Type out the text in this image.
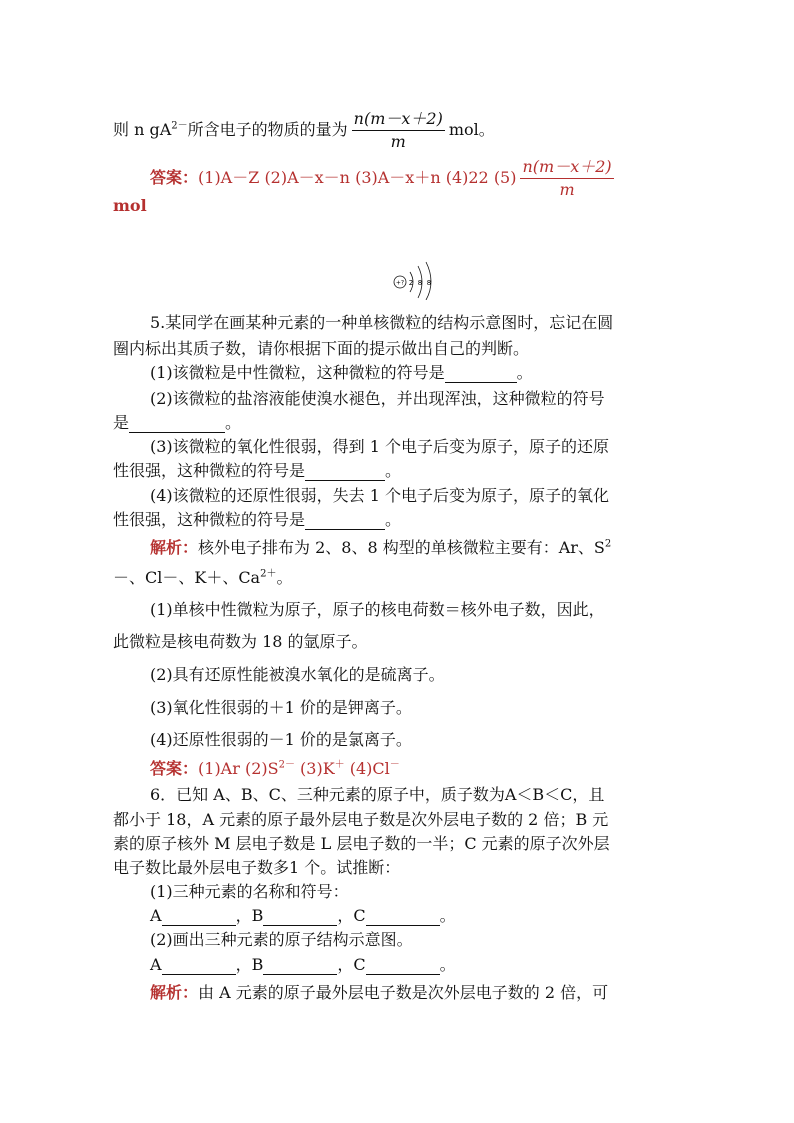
则 n $gA^{2-}$所含电子的物质的量为 $\frac{n(m-x+2)}{m}$ mol。
答案：(1)A－Z (2)A－x－n (3)A－x＋n (4)22 $(5) \frac{n(m-x+2)}{m}$
mol
+? 2 8 8
5.某同学在画某种元素的一种单核微粒的结构示意图时，忘记在圆
圈内标出其质子数，请你根据下面的提示做出自己的判断。
(1)该微粒是中性微粒，这种微粒的符号是	。
(2)该微粒的盐溶液能使溴水褪色，并出现浑浊，这种微粒的符号
是	。
(3)该微粒的氧化性很弱，得到 1 个电子后变为原子，原子的还原
性很强，这种微粒的符号是	。
(4)该微粒的还原性很弱，失去 1 个电子后变为原子，原子的氧化
性很强，这种微粒的符号是	。
解析：核外电子排布为 2、8、8 构型的单核微粒主要有：Ar、$S^2$
－、Cl－、K＋、$Ca^{2+}$。
(1)单核中性微粒为原子，原子的核电荷数＝核外电子数，因此，
此微粒是核电荷数为 18 的氩原子。
(2)具有还原性能被溴水氧化的是硫离子。
(3)氧化性很弱的＋1 价的是钾离子。
(4)还原性很弱的－1 价的是氯离子。
答案：(1)Ar $(2)S^{2-}$ (3)K＋ (4)Cl－
6．已知 A、B、C、三种元素的原子中，质子数为A＜B＜C，且
都小于 18，A 元素的原子最外层电子数是次外层电子数的 2 倍；B 元
素的原子核外 M 层电子数是 L 层电子数的一半；C 元素的原子次外层
电子数比最外层电子数多1 个。试推断：
(1)三种元素的名称和符号：
A	，B	，C	。
(2)画出三种元素的原子结构示意图。
A	，B	，C	。
解析：由 A 元素的原子最外层电子数是次外层电子数的 2 倍，可
